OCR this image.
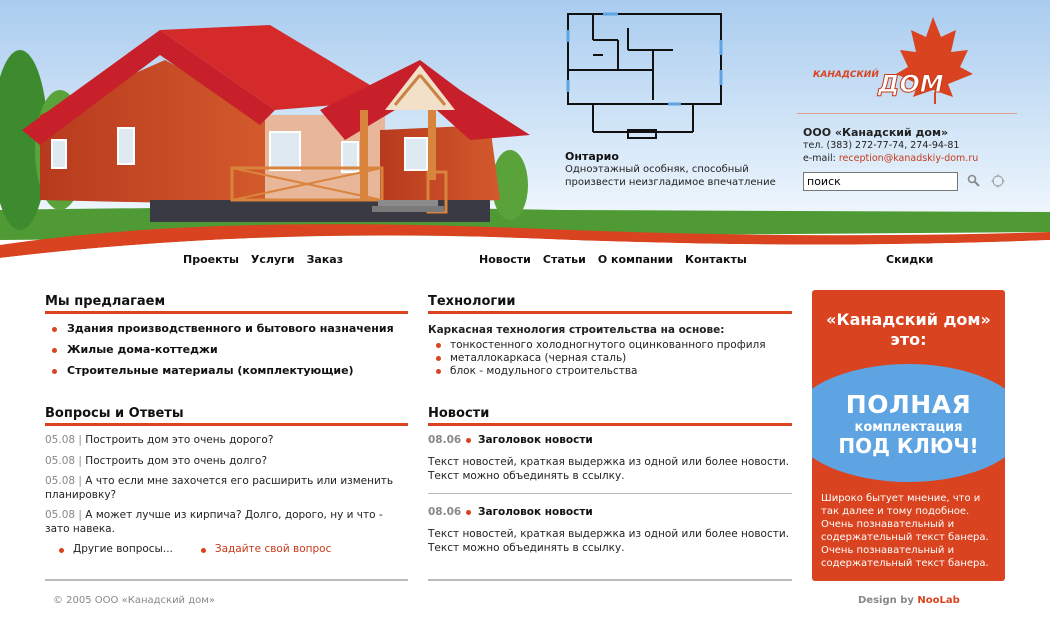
Онтарио
Одноэтажный особняк, способный произвести неизгладимое впечатление
КАНАДСКИЙ ДОМ TM
ООО «Канадский дом»
тел. (383) 272-77-74, 274-94-81
e-mail: reception@kanadskiy-dom.ru
поиск
Проекты Услуги Заказ	Новости Статьи О компании Контакты	Скидки
Мы предлагаем
Здания производственного и бытового назначения
Жилые дома-коттеджи
Строительные материалы (комплектующие)
Вопросы и Ответы
05.08 | Построить дом это очень дорого?
05.08 | Построить дом это очень долго?
05.08 | А что если мне захочется его расширить или изменить планировку?
05.08 | А может лучше из кирпича? Долго, дорого, ну и что - зато навека.
Другие вопросы...	Задайте свой вопрос
Технологии
Каркасная технология строительства на основе:
тонкостенного холодногнутого оцинкованного профиля
металлокаркаса (черная сталь)
блок - модульного строительства
Новости
08.06 Заголовок новости
Текст новостей, краткая выдержка из одной или более новости. Текст можно объединять в ссылку.
08.06 Заголовок новости
Текст новостей, краткая выдержка из одной или более новости. Текст можно объединять в ссылку.
«Канадский дом»
это:
ПОЛНАЯ
комплектация
ПОД КЛЮЧ!
Широко бытует мнение, что и так далее и тому подобное. Очень познавательный и содержательный текст банера. Очень познавательный и содержательный текст банера.
© 2005 ООО «Канадский дом»	Design by NooLab
